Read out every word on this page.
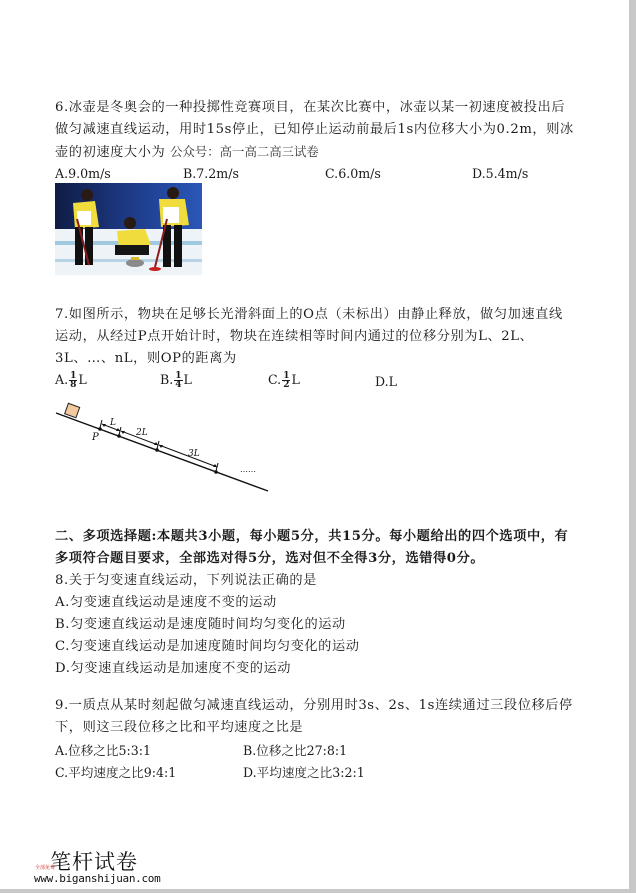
6.冰壶是冬奥会的一种投掷性竞赛项目，在某次比赛中，冰壶以某一初速度被投出后
做匀减速直线运动，用时15s停止，已知停止运动前最后1s内位移大小为0.2m，则冰
壶的初速度大小为 公众号：高一高二高三试卷
A.9.0m/s	B.7.2m/s	C.6.0m/s	D.5.4m/s
7.如图所示，物块在足够长光滑斜面上的O点（未标出）由静止释放，做匀加速直线
运动，从经过P点开始计时，物块在连续相等时间内通过的位移分别为L、2L、
3L、…、nL，则OP的距离为
A. $\frac{1}{8}$ L	B. $\frac{1}{4}$ L	C. $\frac{1}{2}$ L	D.L
P
L
2L
3L
……
二、多项选择题:本题共3小题，每小题5分，共15分。每小题给出的四个选项中，有
多项符合题目要求，全部选对得5分，选对但不全得3分，选错得0分。
8.关于匀变速直线运动，下列说法正确的是
A.匀变速直线运动是速度不变的运动
B.匀变速直线运动是速度随时间均匀变化的运动
C.匀变速直线运动是加速度随时间均匀变化的运动
D.匀变速直线运动是加速度不变的运动
9.一质点从某时刻起做匀减速直线运动，分别用时3s、2s、1s连续通过三段位移后停
下，则这三段位移之比和平均速度之比是
A.位移之比5:3:1	B.位移之比27:8:1
C.平均速度之比9:4:1	D.平均速度之比3:2:1
笔杆试卷
全部免费
www.biganshijuan.com
